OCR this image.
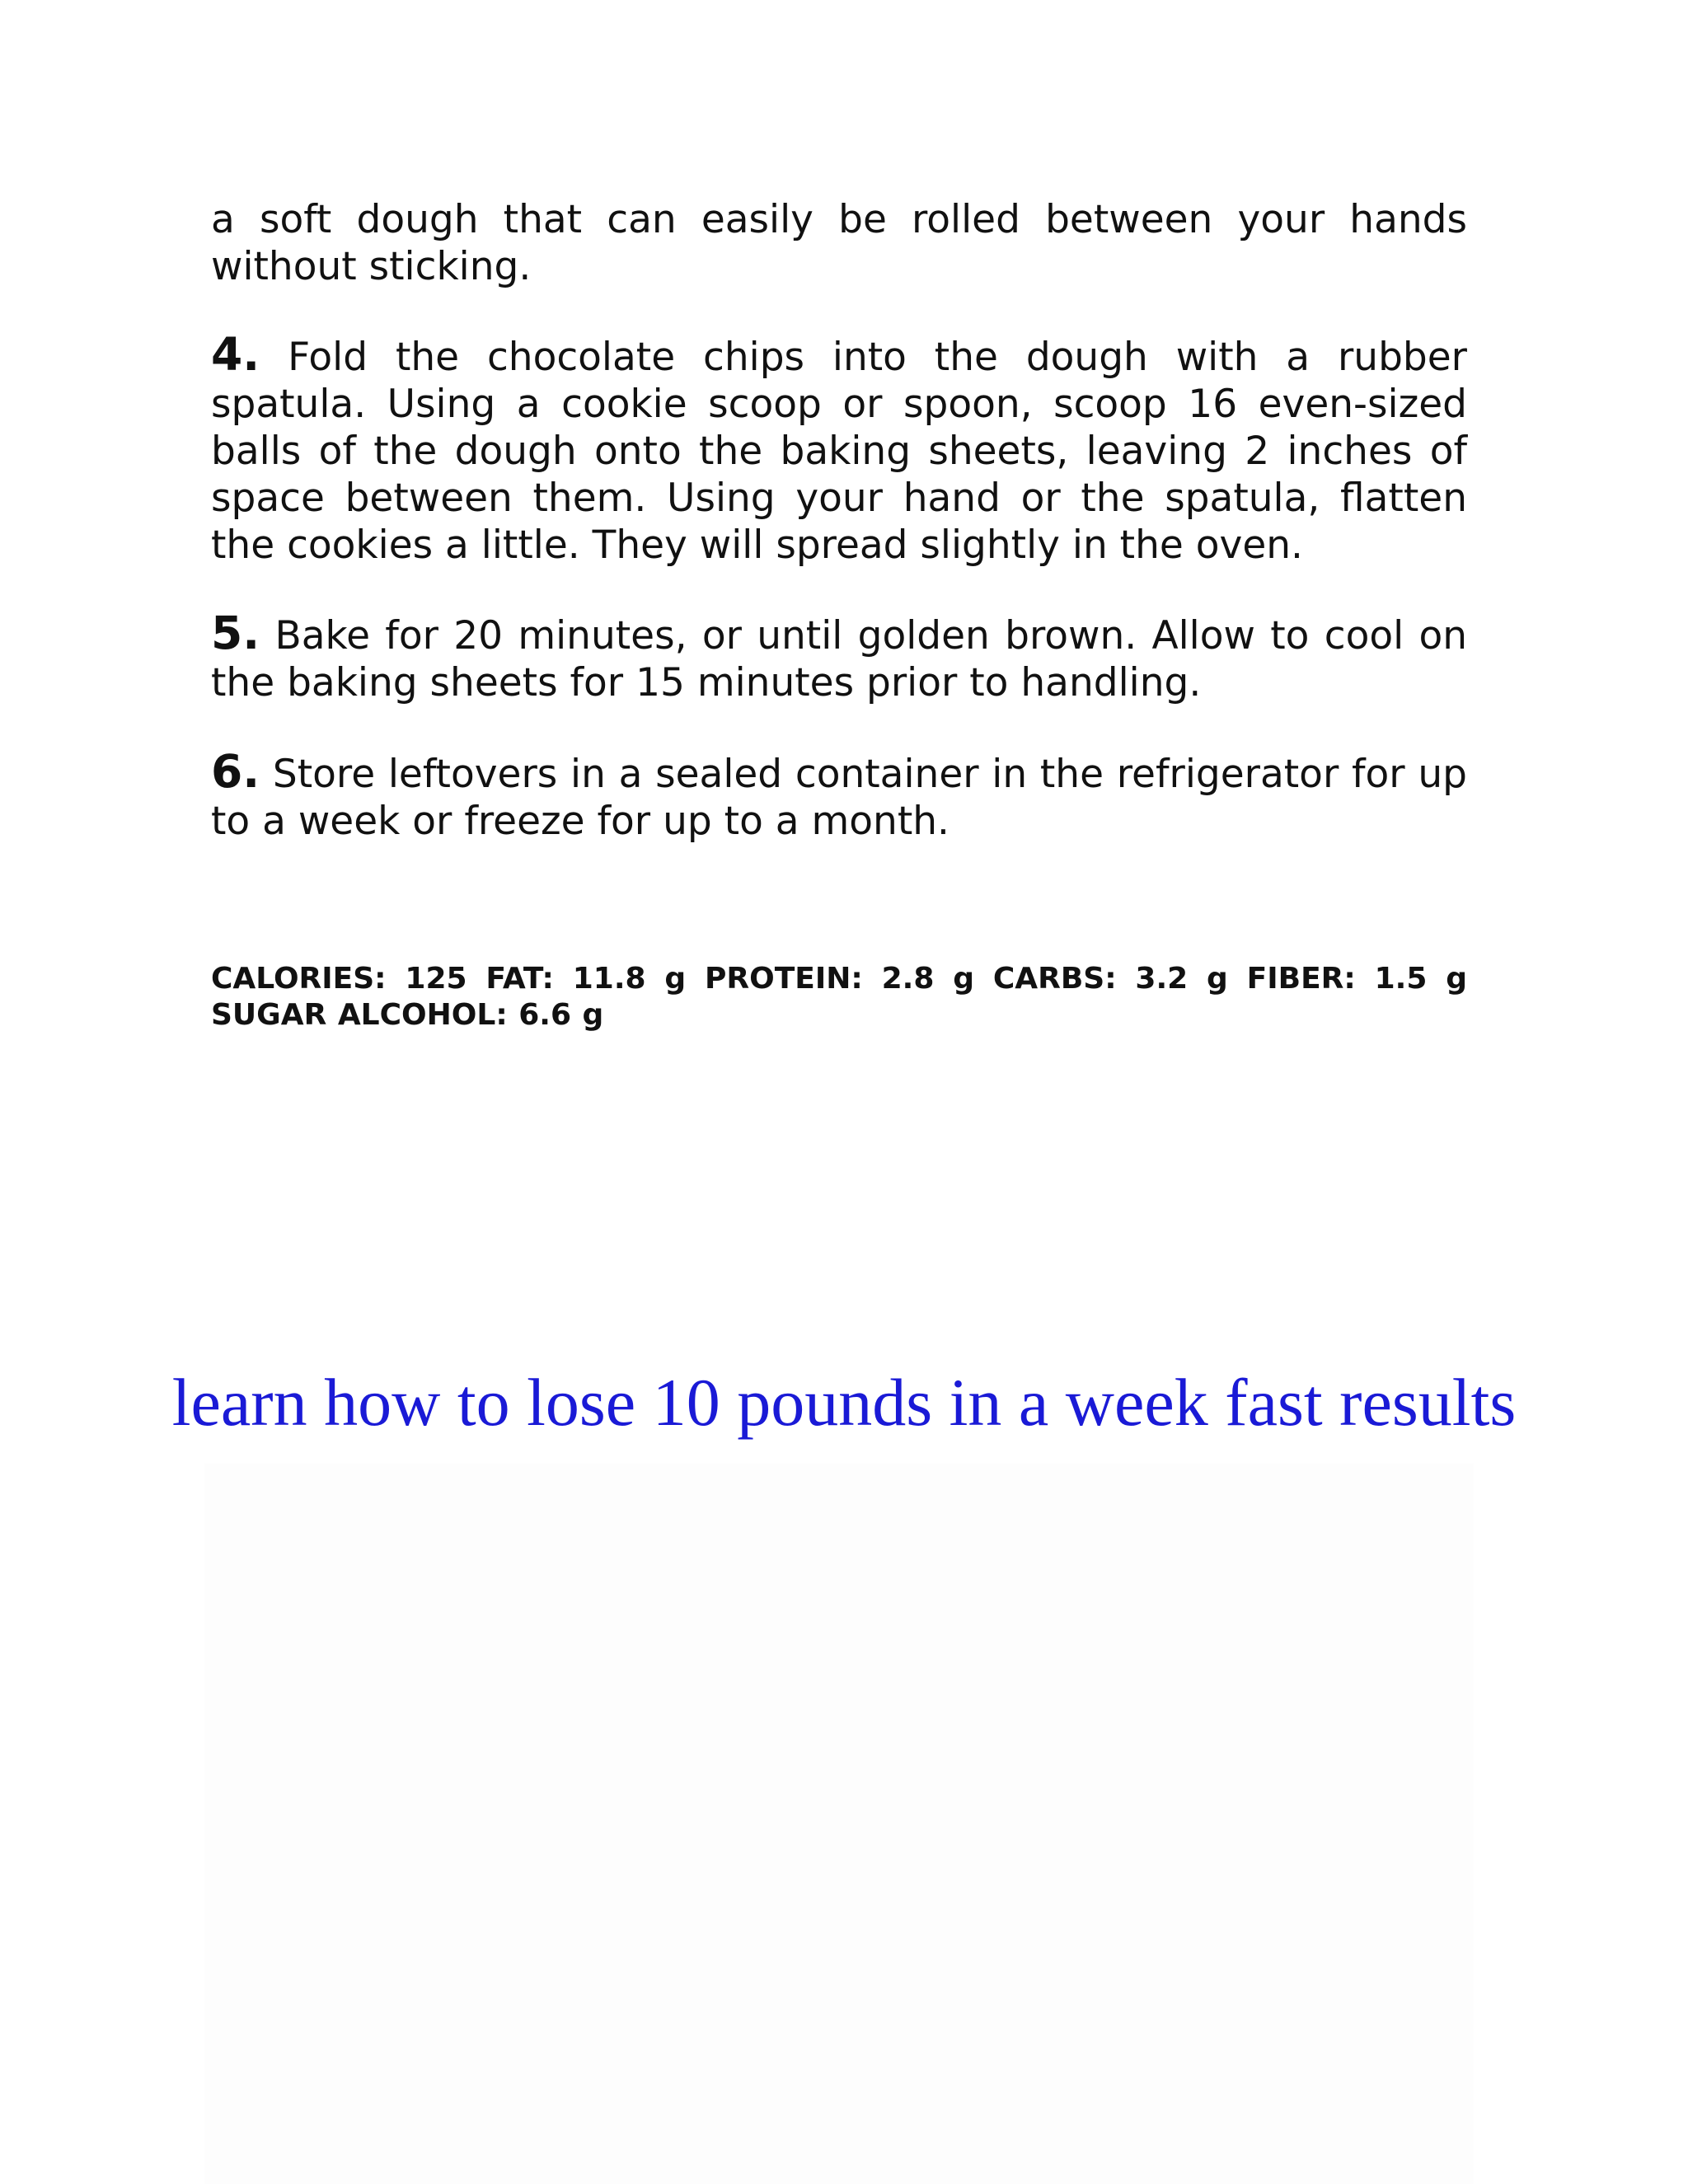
a soft dough that can easily be rolled between your hands without sticking.

4. Fold the chocolate chips into the dough with a rubber spatula. Using a cookie scoop or spoon, scoop 16 even-sized balls of the dough onto the baking sheets, leaving 2 inches of space between them. Using your hand or the spatula, flatten the cookies a little. They will spread slightly in the oven.

5. Bake for 20 minutes, or until golden brown. Allow to cool on the baking sheets for 15 minutes prior to handling.

6. Store leftovers in a sealed container in the refrigerator for up to a week or freeze for up to a month.

CALORIES: 125 FAT: 11.8 g PROTEIN: 2.8 g CARBS: 3.2 g FIBER: 1.5 g SUGAR ALCOHOL: 6.6 g

learn how to lose 10 pounds in a week fast results
